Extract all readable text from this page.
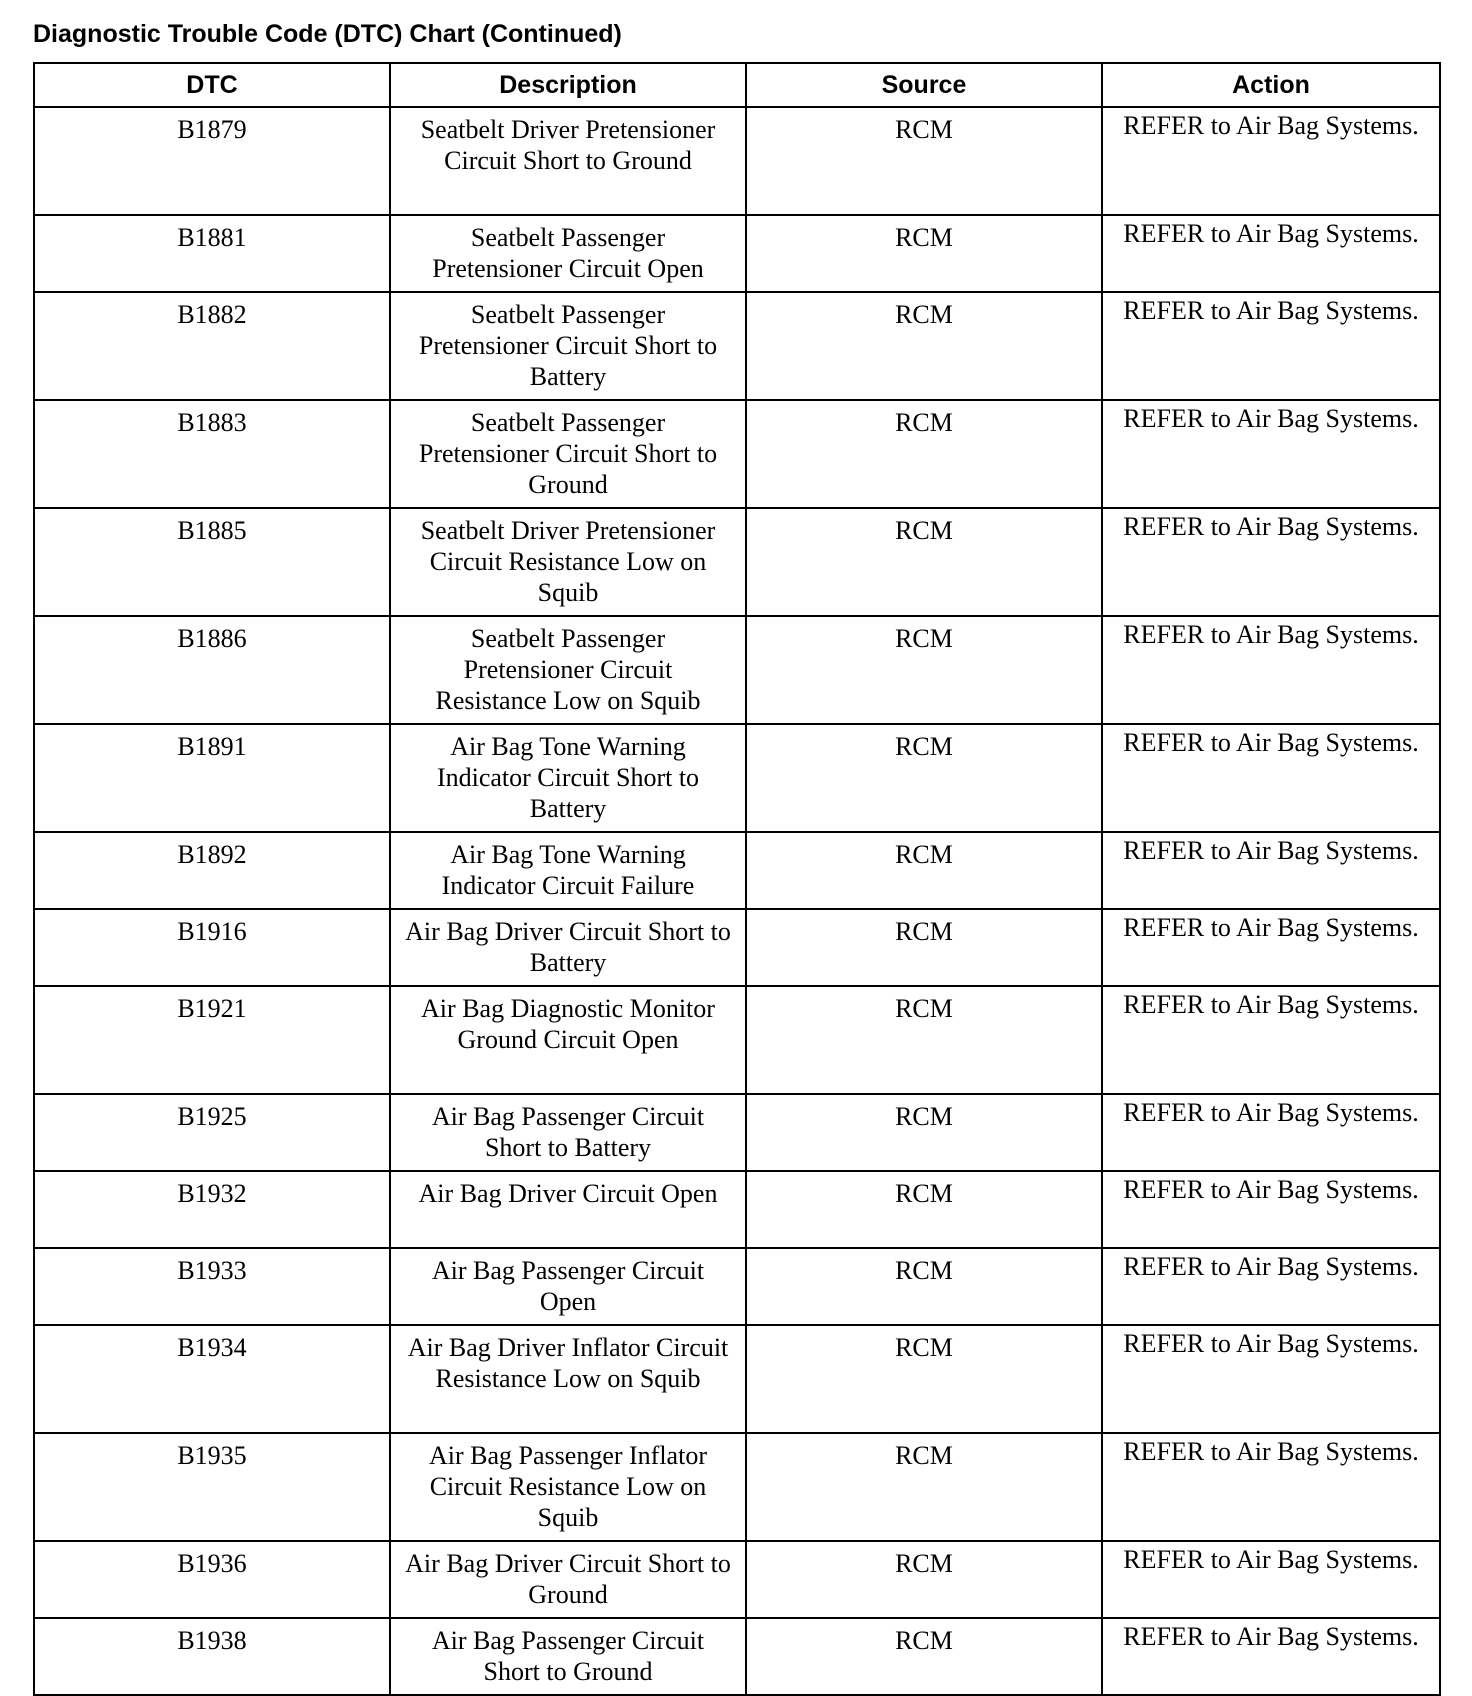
Diagnostic Trouble Code (DTC) Chart (Continued)
DTC	Description	Source	Action
B1879	Seatbelt Driver Pretensioner Circuit Short to Ground	RCM	REFER to Air Bag Systems.
B1881	Seatbelt Passenger Pretensioner Circuit Open	RCM	REFER to Air Bag Systems.
B1882	Seatbelt Passenger Pretensioner Circuit Short to Battery	RCM	REFER to Air Bag Systems.
B1883	Seatbelt Passenger Pretensioner Circuit Short to Ground	RCM	REFER to Air Bag Systems.
B1885	Seatbelt Driver Pretensioner Circuit Resistance Low on Squib	RCM	REFER to Air Bag Systems.
B1886	Seatbelt Passenger Pretensioner Circuit Resistance Low on Squib	RCM	REFER to Air Bag Systems.
B1891	Air Bag Tone Warning Indicator Circuit Short to Battery	RCM	REFER to Air Bag Systems.
B1892	Air Bag Tone Warning Indicator Circuit Failure	RCM	REFER to Air Bag Systems.
B1916	Air Bag Driver Circuit Short to Battery	RCM	REFER to Air Bag Systems.
B1921	Air Bag Diagnostic Monitor Ground Circuit Open	RCM	REFER to Air Bag Systems.
B1925	Air Bag Passenger Circuit Short to Battery	RCM	REFER to Air Bag Systems.
B1932	Air Bag Driver Circuit Open	RCM	REFER to Air Bag Systems.
B1933	Air Bag Passenger Circuit Open	RCM	REFER to Air Bag Systems.
B1934	Air Bag Driver Inflator Circuit Resistance Low on Squib	RCM	REFER to Air Bag Systems.
B1935	Air Bag Passenger Inflator Circuit Resistance Low on Squib	RCM	REFER to Air Bag Systems.
B1936	Air Bag Driver Circuit Short to Ground	RCM	REFER to Air Bag Systems.
B1938	Air Bag Passenger Circuit Short to Ground	RCM	REFER to Air Bag Systems.
